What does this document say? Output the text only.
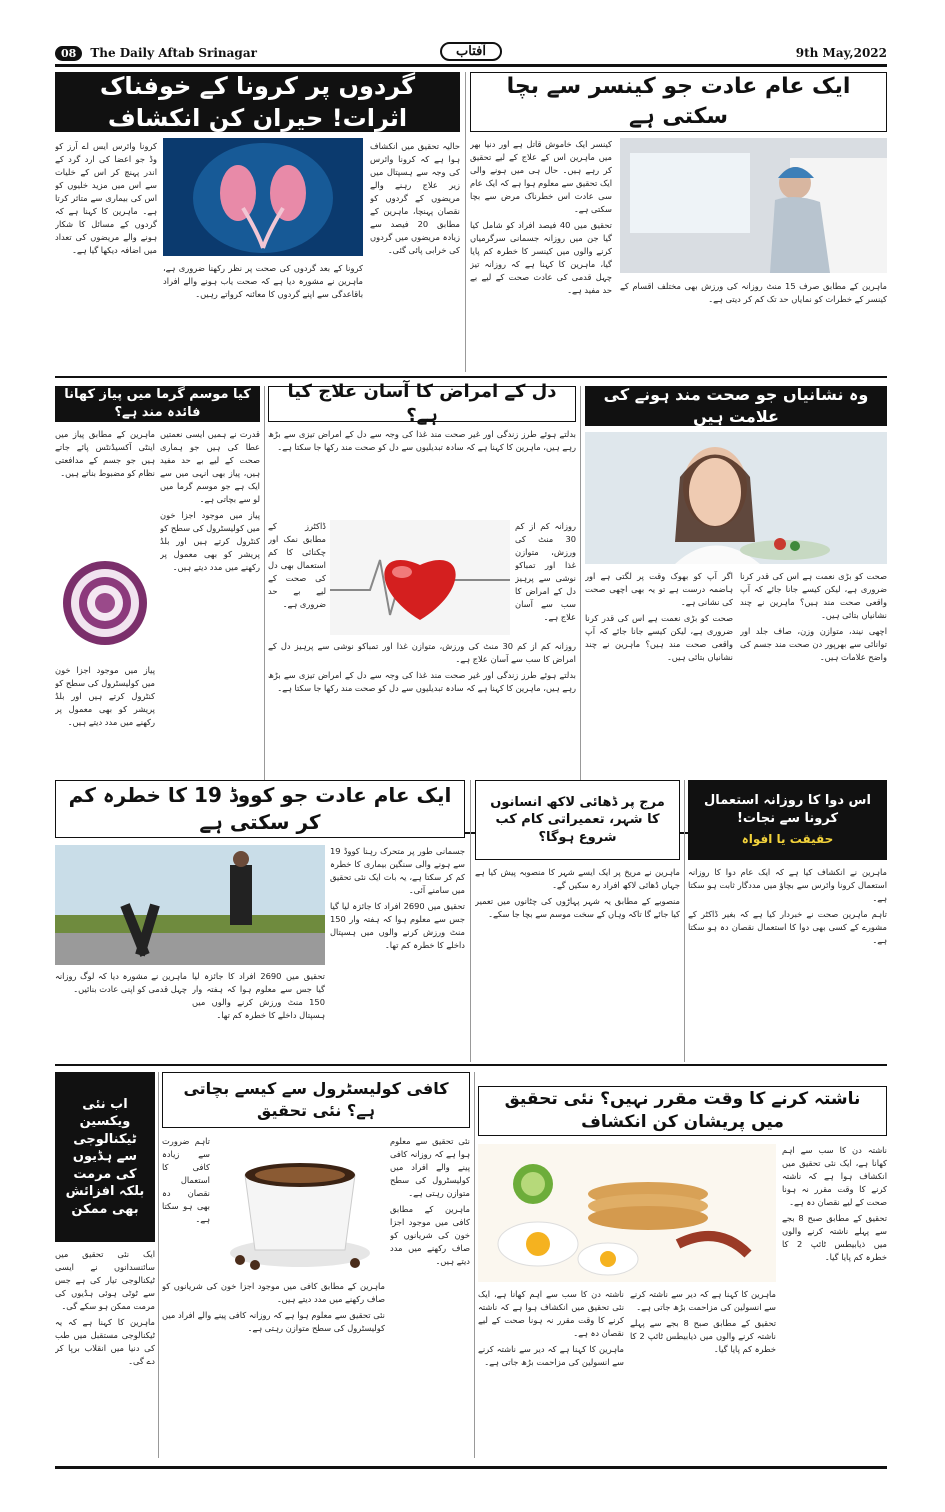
08	The Daily Aftab Srinagar	آفتاب	9th May,2022
گردوں پر کرونا کے خوفناک اثرات! حیران کن انکشاف

حالیہ تحقیق میں انکشاف ہوا ہے کہ کرونا وائرس کی وجہ سے ہسپتال میں زیر علاج رہنے والے مریضوں کے گردوں کو نقصان پہنچا، ماہرین کے مطابق 20 فیصد سے زیادہ مریضوں میں گردوں کی خرابی پائی گئی۔

کرونا وائرس ایس اے آرز کو وڈ جو اعضا کی ارد گرد کے اندر پہنچ کر اس کے خلیات سے اس میں مزید خلیوں کو اس کی بیماری سے متاثر کرتا ہے۔ ماہرین کا کہنا ہے کہ گردوں کے مسائل کا شکار ہونے والے مریضوں کی تعداد میں اضافہ دیکھا گیا ہے۔

کرونا کے بعد گردوں کی صحت پر نظر رکھنا ضروری ہے، ماہرین نے مشورہ دیا ہے کہ صحت یاب ہونے والے افراد باقاعدگی سے اپنے گردوں کا معائنہ کرواتے رہیں۔

ایک عام عادت جو کینسر سے بچا سکتی ہے

کینسر ایک خاموش قاتل ہے اور دنیا بھر میں ماہرین اس کے علاج کے لیے تحقیق کر رہے ہیں۔ حال ہی میں ہونے والی ایک تحقیق سے معلوم ہوا ہے کہ ایک عام سی عادت اس خطرناک مرض سے بچا سکتی ہے۔

تحقیق میں 40 فیصد افراد کو شامل کیا گیا جن میں روزانہ جسمانی سرگرمیاں کرنے والوں میں کینسر کا خطرہ کم پایا گیا، ماہرین کا کہنا ہے کہ روزانہ تیز چہل قدمی کی عادت صحت کے لیے بے حد مفید ہے۔ ماہرین کے مطابق صرف 15 منٹ روزانہ کی ورزش بھی مختلف اقسام کے کینسر کے خطرات کو نمایاں حد تک کم کر دیتی ہے۔

کیا موسم گرما میں پیاز کھانا فائدہ مند ہے؟

قدرت نے ہمیں ایسی نعمتیں عطا کی ہیں جو ہماری صحت کے لیے بے حد مفید ہیں، پیاز بھی انہی میں سے ایک ہے جو موسم گرما میں لو سے بچاتی ہے۔

پیاز میں موجود اجزا خون میں کولیسٹرول کی سطح کو کنٹرول کرتے ہیں اور بلڈ پریشر کو بھی معمول پر رکھنے میں مدد دیتے ہیں۔

ماہرین کے مطابق پیاز میں اینٹی آکسیڈنٹس پائے جاتے ہیں جو جسم کے مدافعتی نظام کو مضبوط بناتے ہیں۔

پیاز میں موجود اجزا خون میں کولیسٹرول کی سطح کو کنٹرول کرتے ہیں اور بلڈ پریشر کو بھی معمول پر رکھنے میں مدد دیتے ہیں۔

دل کے امراض کا آسان علاج کیا ہے؟

بدلتے ہوئے طرز زندگی اور غیر صحت مند غذا کی وجہ سے دل کے امراض تیزی سے بڑھ رہے ہیں، ماہرین کا کہنا ہے کہ سادہ تبدیلیوں سے دل کو صحت مند رکھا جا سکتا ہے۔

روزانہ کم از کم 30 منٹ کی ورزش، متوازن غذا اور تمباکو نوشی سے پرہیز دل کے امراض کا سب سے آسان علاج ہے۔

ڈاکٹرز کے مطابق نمک اور چکنائی کا کم استعمال بھی دل کی صحت کے لیے بے حد ضروری ہے۔

روزانہ کم از کم 30 منٹ کی ورزش، متوازن غذا اور تمباکو نوشی سے پرہیز دل کے امراض کا سب سے آسان علاج ہے۔

بدلتے ہوئے طرز زندگی اور غیر صحت مند غذا کی وجہ سے دل کے امراض تیزی سے بڑھ رہے ہیں، ماہرین کا کہنا ہے کہ سادہ تبدیلیوں سے دل کو صحت مند رکھا جا سکتا ہے۔

وہ نشانیاں جو صحت مند ہونے کی علامت ہیں

صحت کو بڑی نعمت ہے اس کی قدر کرنا ضروری ہے، لیکن کیسے جانا جائے کہ آپ واقعی صحت مند ہیں؟ ماہرین نے چند نشانیاں بتائی ہیں۔

اچھی نیند، متوازن وزن، صاف جلد اور توانائی سے بھرپور دن صحت مند جسم کی واضح علامات ہیں۔

اگر آپ کو بھوک وقت پر لگتی ہے اور ہاضمہ درست ہے تو یہ بھی اچھی صحت کی نشانی ہے۔

صحت کو بڑی نعمت ہے اس کی قدر کرنا ضروری ہے، لیکن کیسے جانا جائے کہ آپ واقعی صحت مند ہیں؟ ماہرین نے چند نشانیاں بتائی ہیں۔

ایک عام عادت جو کووڈ 19 کا خطرہ کم کر سکتی ہے

جسمانی طور پر متحرک رہنا کووڈ 19 سے ہونے والی سنگین بیماری کا خطرہ کم کر سکتا ہے، یہ بات ایک نئی تحقیق میں سامنے آئی۔

تحقیق میں 2690 افراد کا جائزہ لیا گیا جس سے معلوم ہوا کہ ہفتہ وار 150 منٹ ورزش کرنے والوں میں ہسپتال داخلے کا خطرہ کم تھا۔

تحقیق میں 2690 افراد کا جائزہ لیا گیا جس سے معلوم ہوا کہ ہفتہ وار 150 منٹ ورزش کرنے والوں میں ہسپتال داخلے کا خطرہ کم تھا۔

ماہرین نے مشورہ دیا کہ لوگ روزانہ چہل قدمی کو اپنی عادت بنائیں۔

مرج پر ڈھائی لاکھ انسانوں کا شہر، تعمیراتی کام کب شروع ہوگا؟

ماہرین نے مریخ پر ایک ایسے شہر کا منصوبہ پیش کیا ہے جہاں ڈھائی لاکھ افراد رہ سکیں گے۔

منصوبے کے مطابق یہ شہر پہاڑوں کی چٹانوں میں تعمیر کیا جائے گا تاکہ وہاں کے سخت موسم سے بچا جا سکے۔

اس دوا کا روزانہ استعمال کرونا سے نجات!
حقیقت یا افواہ

ماہرین نے انکشاف کیا ہے کہ ایک عام دوا کا روزانہ استعمال کرونا وائرس سے بچاؤ میں مددگار ثابت ہو سکتا ہے۔

تاہم ماہرین صحت نے خبردار کیا ہے کہ بغیر ڈاکٹر کے مشورے کے کسی بھی دوا کا استعمال نقصان دہ ہو سکتا ہے۔

اب نئی ویکسین ٹیکنالوجی سے ہڈیوں کی مرمت بلکہ افزائش بھی ممکن

ایک نئی تحقیق میں سائنسدانوں نے ایسی ٹیکنالوجی تیار کی ہے جس سے ٹوٹی ہوئی ہڈیوں کی مرمت ممکن ہو سکے گی۔

ماہرین کا کہنا ہے کہ یہ ٹیکنالوجی مستقبل میں طب کی دنیا میں انقلاب برپا کر دے گی۔

کافی کولیسٹرول سے کیسے بچاتی ہے؟ نئی تحقیق

نئی تحقیق سے معلوم ہوا ہے کہ روزانہ کافی پینے والے افراد میں کولیسٹرول کی سطح متوازن رہتی ہے۔

ماہرین کے مطابق کافی میں موجود اجزا خون کی شریانوں کو صاف رکھنے میں مدد دیتے ہیں۔

تاہم ضرورت سے زیادہ کافی کا استعمال نقصان دہ بھی ہو سکتا ہے۔

ماہرین کے مطابق کافی میں موجود اجزا خون کی شریانوں کو صاف رکھنے میں مدد دیتے ہیں۔

نئی تحقیق سے معلوم ہوا ہے کہ روزانہ کافی پینے والے افراد میں کولیسٹرول کی سطح متوازن رہتی ہے۔

ناشتہ کرنے کا وقت مقرر نہیں؟ نئی تحقیق میں پریشان کن انکشاف

ناشتہ دن کا سب سے اہم کھانا ہے، ایک نئی تحقیق میں انکشاف ہوا ہے کہ ناشتہ کرنے کا وقت مقرر نہ ہونا صحت کے لیے نقصان دہ ہے۔

تحقیق کے مطابق صبح 8 بجے سے پہلے ناشتہ کرنے والوں میں ذیابیطس ٹائپ 2 کا خطرہ کم پایا گیا۔

ماہرین کا کہنا ہے کہ دیر سے ناشتہ کرنے سے انسولین کی مزاحمت بڑھ جاتی ہے۔

تحقیق کے مطابق صبح 8 بجے سے پہلے ناشتہ کرنے والوں میں ذیابیطس ٹائپ 2 کا خطرہ کم پایا گیا۔

ناشتہ دن کا سب سے اہم کھانا ہے، ایک نئی تحقیق میں انکشاف ہوا ہے کہ ناشتہ کرنے کا وقت مقرر نہ ہونا صحت کے لیے نقصان دہ ہے۔

ماہرین کا کہنا ہے کہ دیر سے ناشتہ کرنے سے انسولین کی مزاحمت بڑھ جاتی ہے۔
